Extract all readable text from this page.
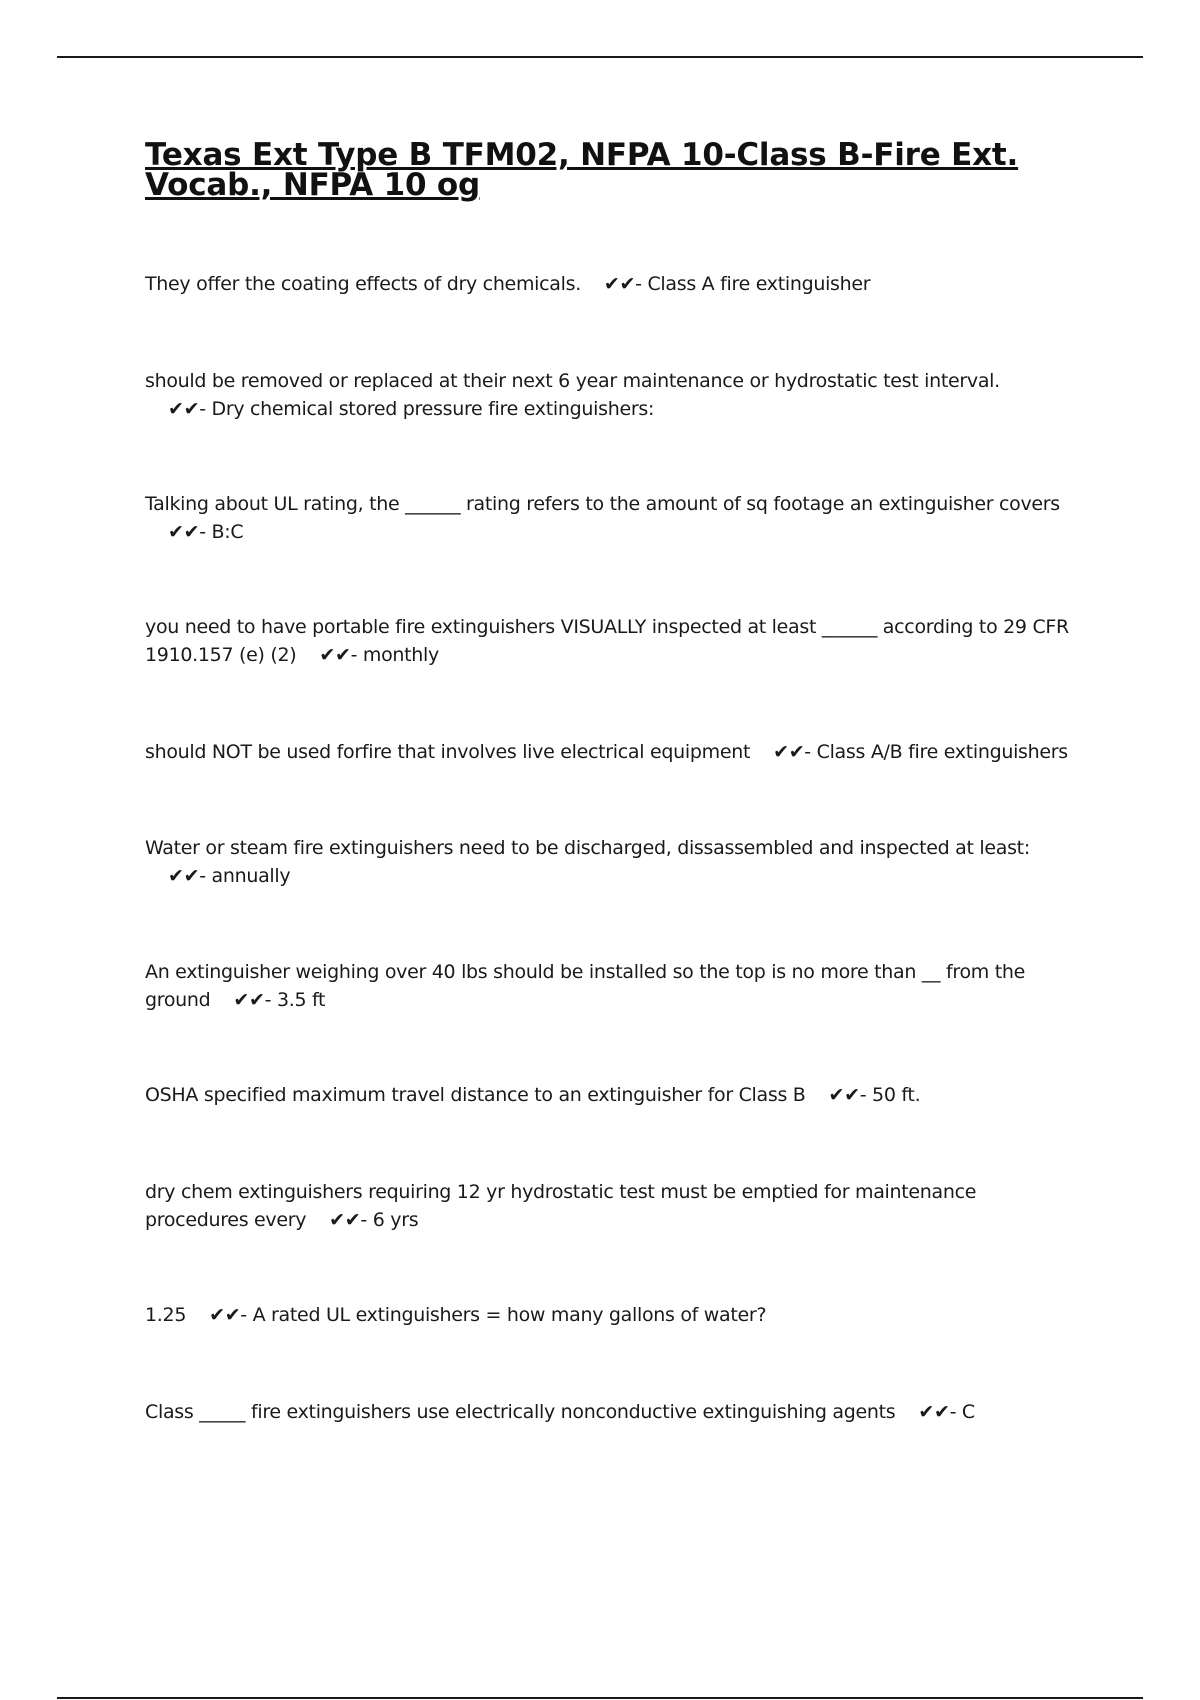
Texas Ext Type B TFM02, NFPA 10-Class B-Fire Ext. Vocab., NFPA 10 og
They offer the coating effects of dry chemicals.    ✔✔- Class A fire extinguisher
should be removed or replaced at their next 6 year maintenance or hydrostatic test interval.    ✔✔- Dry chemical stored pressure fire extinguishers:
Talking about UL rating, the ______ rating refers to the amount of sq footage an extinguisher covers    ✔✔- B:C
you need to have portable fire extinguishers VISUALLY inspected at least ______ according to 29 CFR 1910.157 (e) (2)    ✔✔- monthly
should NOT be used forfire that involves live electrical equipment    ✔✔- Class A/B fire extinguishers
Water or steam fire extinguishers need to be discharged, dissassembled and inspected at least:    ✔✔- annually
An extinguisher weighing over 40 lbs should be installed so the top is no more than __ from the ground    ✔✔- 3.5 ft
OSHA specified maximum travel distance to an extinguisher for Class B    ✔✔- 50 ft.
dry chem extinguishers requiring 12 yr hydrostatic test must be emptied for maintenance procedures every    ✔✔- 6 yrs
1.25    ✔✔- A rated UL extinguishers = how many gallons of water?
Class _____ fire extinguishers use electrically nonconductive extinguishing agents    ✔✔- C
